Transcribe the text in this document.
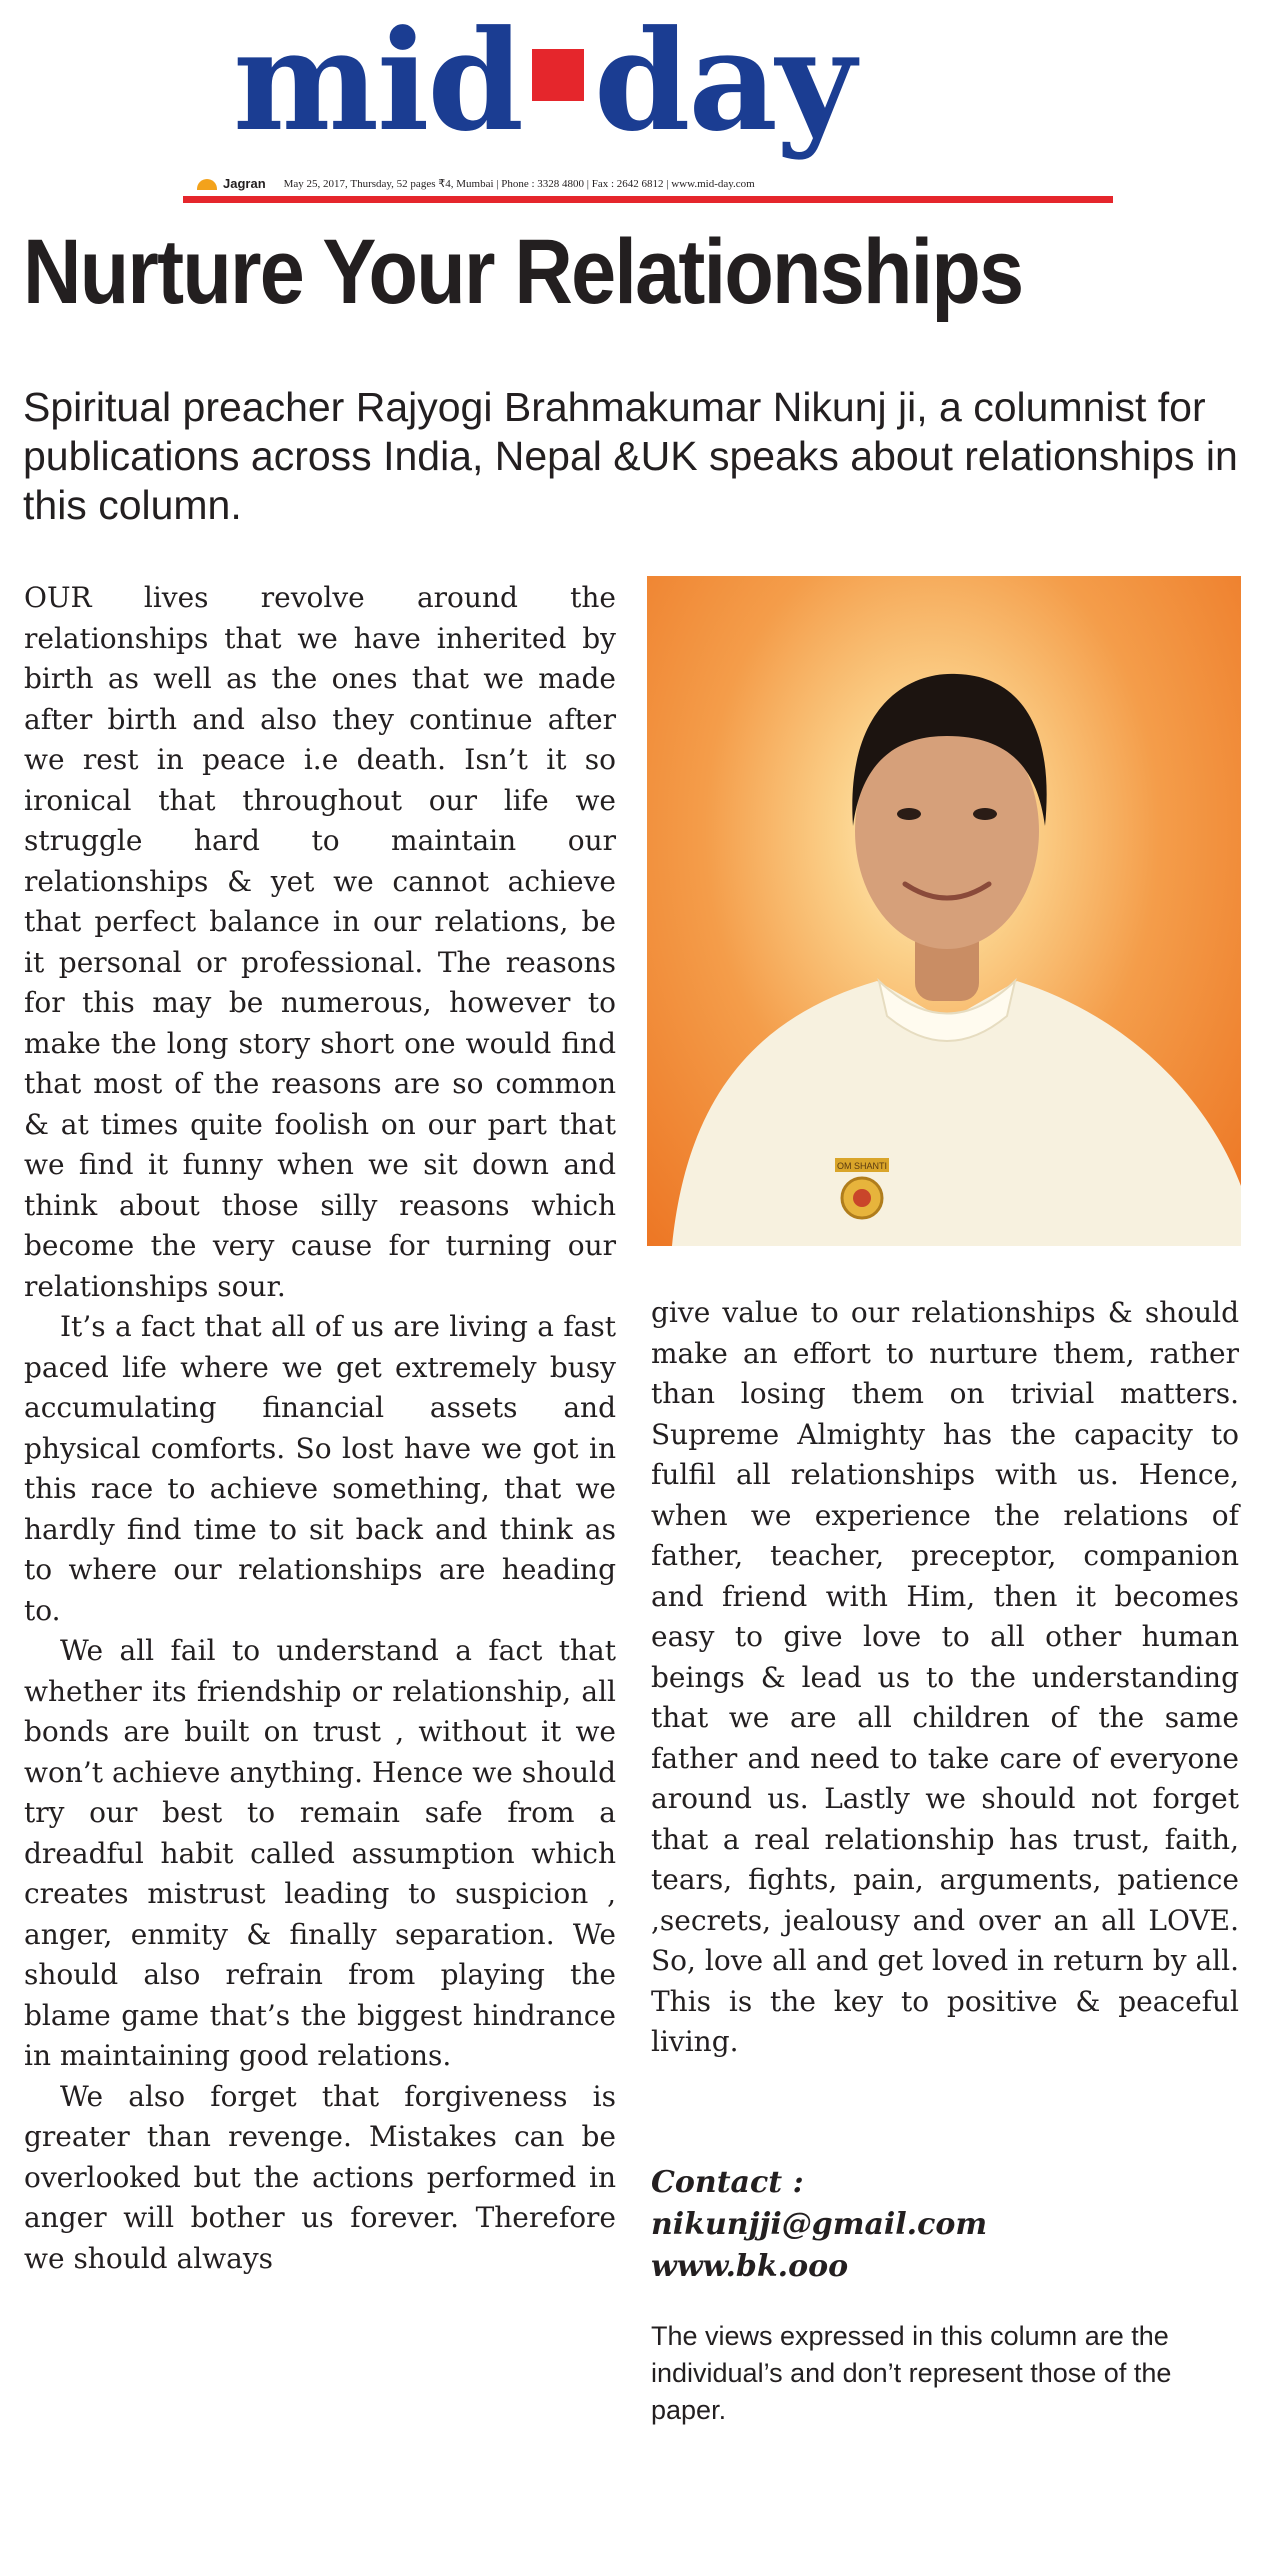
mid day
Jagran May 25, 2017, Thursday, 52 pages ₹4, Mumbai | Phone : 3328 4800 | Fax : 2642 6812 | www.mid-day.com
Nurture Your Relationships

Spiritual preacher Rajyogi Brahmakumar Nikunj ji, a columnist for publications across India, Nepal &UK speaks about relationships in this column.

OUR lives revolve around the relationships that we have inherited by birth as well as the ones that we made after birth and also they continue after we rest in peace i.e death. Isn’t it so ironical that throughout our life we struggle hard to maintain our relationships & yet we cannot achieve that perfect balance in our relations, be it personal or professional. The reasons for this may be numerous, however to make the long story short one would find that most of the reasons are so common & at times quite foolish on our part that we find it funny when we sit down and think about those silly reasons which become the very cause for turning our relationships sour.

It’s a fact that all of us are living a fast paced life where we get extremely busy accumulating financial assets and physical comforts. So lost have we got in this race to achieve something, that we hardly find time to sit back and think as to where our relationships are heading to.

We all fail to understand a fact that whether its friendship or relationship, all bonds are built on trust , without it we won’t achieve anything. Hence we should try our best to remain safe from a dreadful habit called assumption which creates mistrust leading to suspicion , anger, enmity & finally separation. We should also refrain from playing the blame game that’s the biggest hindrance in maintaining good relations.

We also forget that forgiveness is greater than revenge. Mistakes can be overlooked but the actions performed in anger will bother us forever. Therefore we should always

OM SHANTI

give value to our relationships & should make an effort to nurture them, rather than losing them on trivial matters. Supreme Almighty has the capacity to fulfil all relationships with us. Hence, when we experience the relations of father, teacher, preceptor, companion and friend with Him, then it becomes easy to give love to all other human beings & lead us to the understanding that we are all children of the same father and need to take care of everyone around us. Lastly we should not forget that a real relationship has trust, faith, tears, fights, pain, arguments, patience ,secrets, jealousy and over an all LOVE. So, love all and get loved in return by all. This is the key to positive & peaceful living.

Contact :
nikunjji@gmail.com
www.bk.ooo
The views expressed in this column are the individual’s and don’t represent those of the paper.
